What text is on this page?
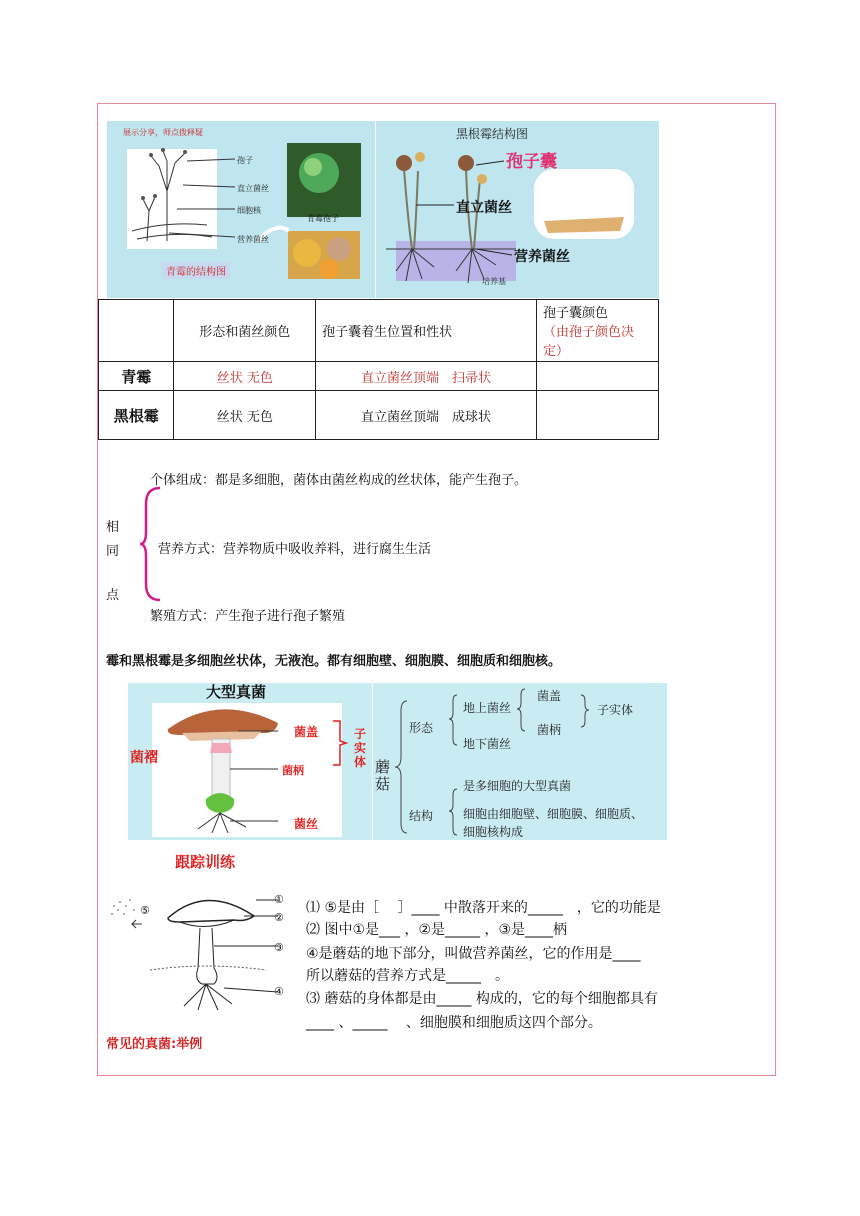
展示分享，师点拨释疑
孢子
直立菌丝
细胞核
营养菌丝
青霉孢子
青霉的结构图
黑根霉结构图
孢子囊
直立菌丝
营养菌丝
培养基
	形态和菌丝颜色	孢子囊着生位置和性状	孢子囊颜色
（由孢子颜色决定）

青霉	丝状 无色	直立菌丝顶端　扫帚状	
黑根霉	丝状 无色	直立菌丝顶端　成球状	
个体组成：都是多细胞，菌体由菌丝构成的丝状体，能产生孢子。
相
同
点
营养方式：营养物质中吸收养料，进行腐生生活
繁殖方式：产生孢子进行孢子繁殖
霉和黑根霉是多细胞丝状体，无液泡。都有细胞壁、细胞膜、细胞质和细胞核。
大型真菌
菌盖
菌褶
菌柄
菌丝
子实体 蘑菇
形态
地上菌丝
菌盖
菌柄
子实体
地下菌丝
是多细胞的大型真菌
结构 细胞由细胞壁、细胞膜、细胞质、
细胞核构成
跟踪训练
①
②
③
④
⑤	⑴ ⑤是由［　 ］____ 中散落开来的_____　，它的功能是
⑵ 图中①是___ ，②是_____ ，③是____柄
④是蘑菇的地下部分，叫做营养菌丝，它的作用是____
所以蘑菇的营养方式是_____　。
⑶ 蘑菇的身体都是由_____ 构成的，它的每个细胞都具有
____ 、_____　 、细胞膜和细胞质这四个部分。
常见的真菌:举例
